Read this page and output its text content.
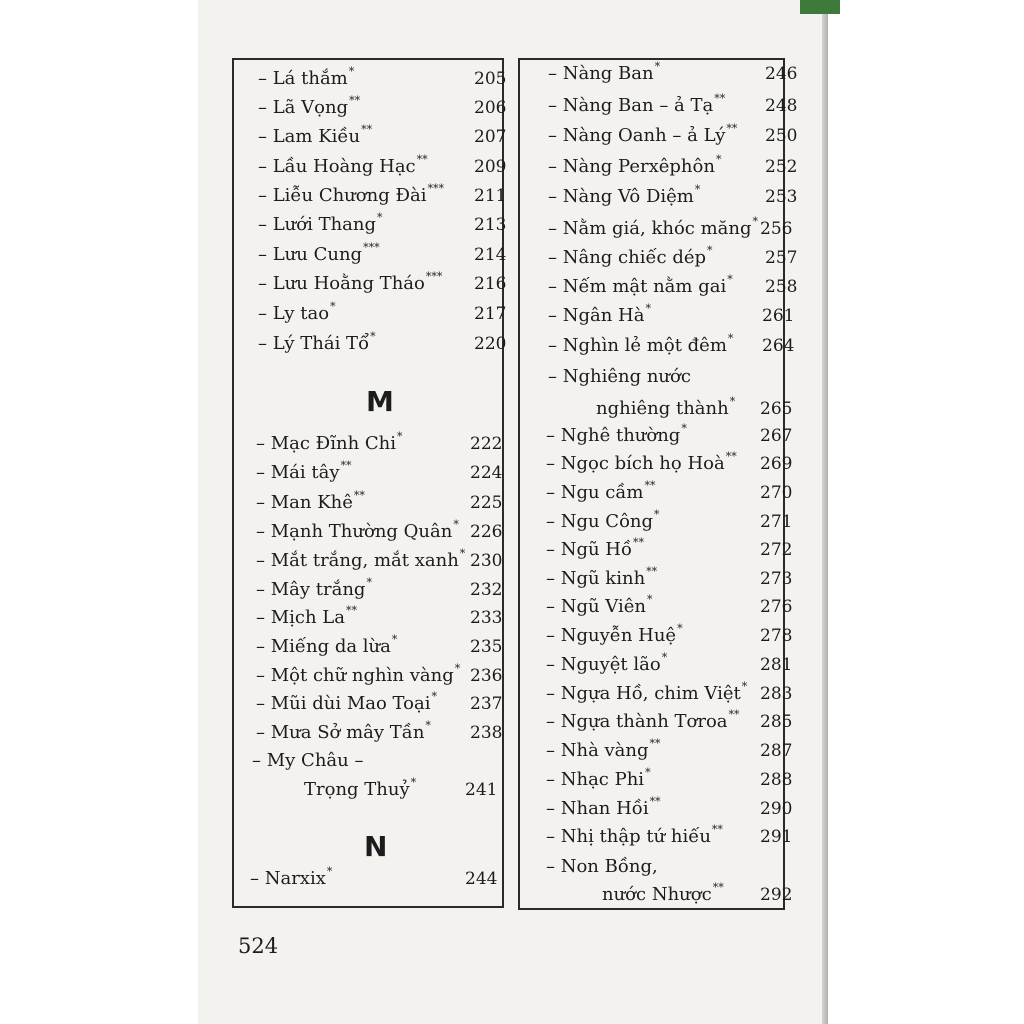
– Lá thắm*	205
– Lã Vọng**	206
– Lam Kiều**	207
– Lầu Hoàng Hạc**	209
– Liễu Chương Đài*** 211
– Lưới Thang*	213
– Lưu Cung***	214
– Lưu Hoằng Tháo*** 216
– Ly tao*	217
– Lý Thái Tổ*	220
– Mạc Đĩnh Chi*	222
– Mái tây**	224
– Man Khê**	225
– Mạnh Thường Quân* 226
– Mắt trắng, mắt xanh* 230
– Mây trắng*	232
– Mịch La**	233
– Miếng da lừa*	235
– Một chữ nghìn vàng* 236
– Mũi dùi Mao Toại* 237
– Mưa Sở mây Tần* 238
– My Châu –
Trọng Thuỷ*	241
– Narxix*	244
– Nàng Ban*	246
– Nàng Ban – ả Tạ** 248
– Nàng Oanh – ả Lý** 250
– Nàng Perxêphôn*	252
– Nàng Vô Diệm*	253
– Nằm giá, khóc măng* 256
– Nâng chiếc dép*	257
– Nếm mật nằm gai* 258
– Ngân Hà*	261
– Nghìn lẻ một đêm* 264
– Nghiêng nước
nghiêng thành* 265
– Nghê thường*	267
– Ngọc bích họ Hoà** 269
– Ngu cầm**	270
– Ngu Công*	271
– Ngũ Hồ**	272
– Ngũ kinh**	273
– Ngũ Viên*	276
– Nguyễn Huệ*	278
– Nguyệt lão*	281
– Ngựa Hồ, chim Việt* 283
– Ngựa thành Tơroa** 285
– Nhà vàng**	287
– Nhạc Phi*	288
– Nhan Hồi**	290
– Nhị thập tứ hiếu** 291
– Non Bồng,
nước Nhược** 292
M
N
524
